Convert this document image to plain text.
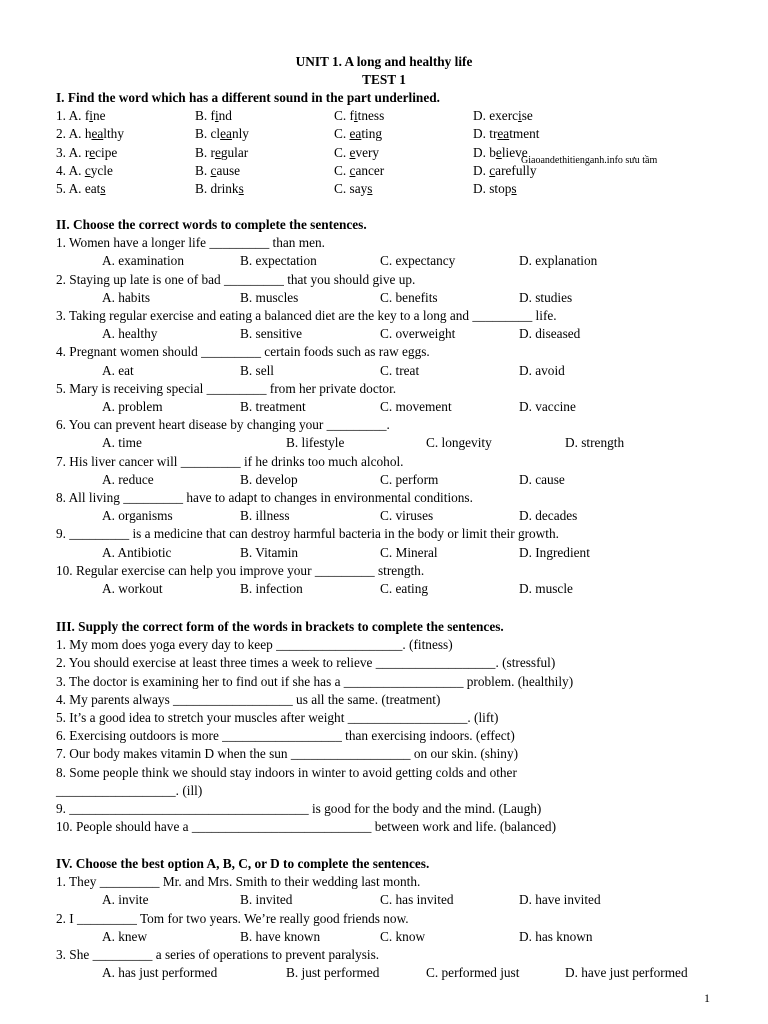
UNIT 1. A long and healthy life
TEST 1
Giaoandethitienganh.info sưu tầm
1
I. Find the word which has a different sound in the part underlined.
1. A. fine	B. find	C. fitness	D. exercise
2. A. healthy	B. cleanly	C. eating	D. treatment
3. A. recipe	B. regular	C. every	D. believe
4. A. cycle	B. cause	C. cancer	D. carefully
5. A. eats	B. drinks	C. says	D. stops
II. Choose the correct words to complete the sentences.
1. Women have a longer life _________ than men.
A. examination	B. expectation	C. expectancy	D. explanation
2. Staying up late is one of bad _________ that you should give up.
A. habits	B. muscles	C. benefits	D. studies
3. Taking regular exercise and eating a balanced diet are the key to a long and _________ life.
A. healthy	B. sensitive	C. overweight	D. diseased
4. Pregnant women should _________ certain foods such as raw eggs.
A. eat	B. sell	C. treat	D. avoid
5. Mary is receiving special _________ from her private doctor.
A. problem	B. treatment	C. movement	D. vaccine
6. You can prevent heart disease by changing your _________.
A. time	B. lifestyle	C. longevity	D. strength
7. His liver cancer will _________ if he drinks too much alcohol.
A. reduce	B. develop	C. perform	D. cause
8. All living _________ have to adapt to changes in environmental conditions.
A. organisms	B. illness	C. viruses	D. decades
9. _________ is a medicine that can destroy harmful bacteria in the body or limit their growth.
A. Antibiotic	B. Vitamin	C. Mineral	D. Ingredient
10. Regular exercise can help you improve your _________ strength.
A. workout	B. infection	C. eating	D. muscle
III. Supply the correct form of the words in brackets to complete the sentences.
1. My mom does yoga every day to keep ___________________. (fitness)
2. You should exercise at least three times a week to relieve __________________. (stressful)
3. The doctor is examining her to find out if she has a __________________ problem. (healthily)
4. My parents always __________________ us all the same. (treatment)
5. It’s a good idea to stretch your muscles after weight __________________. (lift)
6. Exercising outdoors is more __________________ than exercising indoors. (effect)
7. Our body makes vitamin D when the sun __________________ on our skin. (shiny)
8. Some people think we should stay indoors in winter to avoid getting colds and other
__________________. (ill)
9. ____________________________________ is good for the body and the mind. (Laugh)
10. People should have a ___________________________ between work and life. (balanced)
IV. Choose the best option A, B, C, or D to complete the sentences.
1. They _________ Mr. and Mrs. Smith to their wedding last month.
A. invite	B. invited	C. has invited	D. have invited
2. I _________ Tom for two years. We’re really good friends now.
A. knew	B. have known	C. know	D. has known
3. She _________ a series of operations to prevent paralysis.
A. has just performed	B. just performed	C. performed just	D. have just performed
